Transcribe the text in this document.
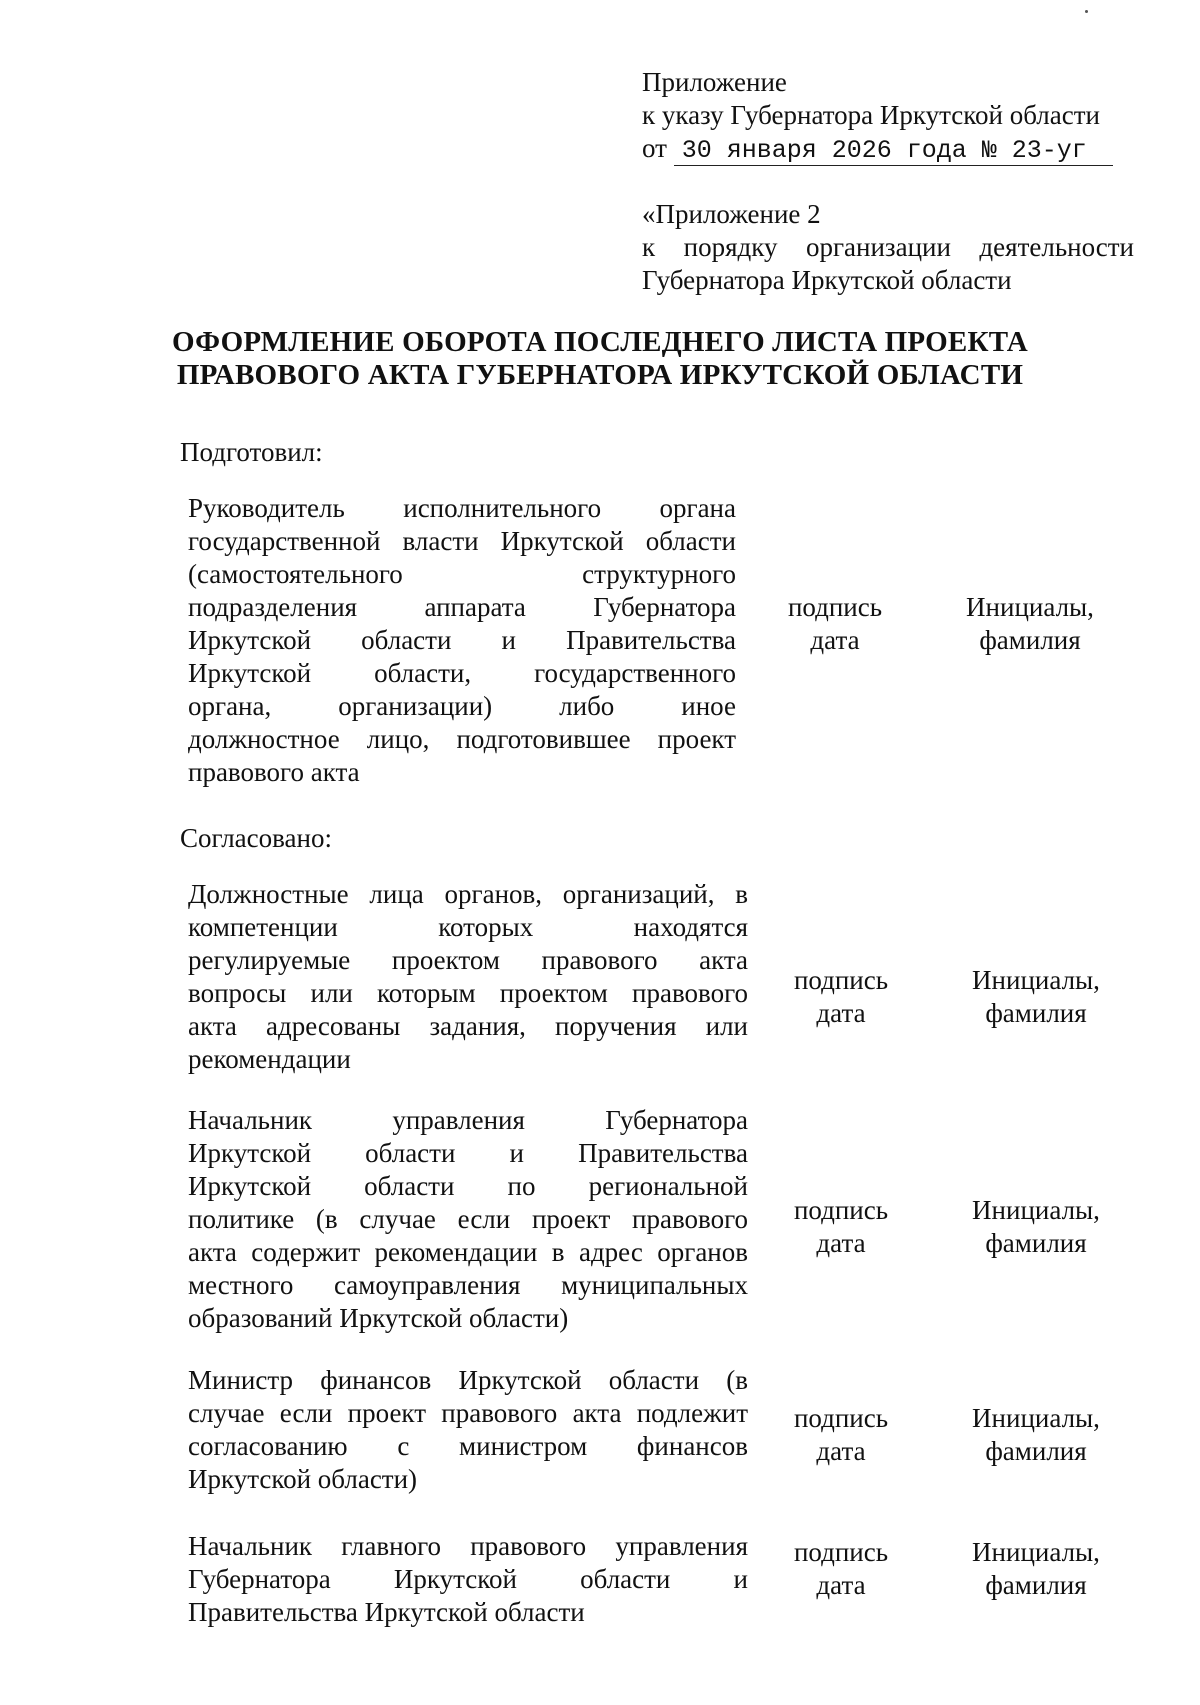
Приложение
к указу Губернатора Иркутской области
от 30 января 2026 года № 23-уг
«Приложение 2
к порядку организации деятельности
Губернатора Иркутской области
ОФОРМЛЕНИЕ ОБОРОТА ПОСЛЕДНЕГО ЛИСТА ПРОЕКТА
ПРАВОВОГО АКТА ГУБЕРНАТОРА ИРКУТСКОЙ ОБЛАСТИ
Подготовил:
Руководитель исполнительного органа
государственной власти Иркутской области
(самостоятельного структурного
подразделения аппарата Губернатора
Иркутской области и Правительства
Иркутской области, государственного
органа, организации) либо иное
должностное лицо, подготовившее проект
правового акта
подпись
дата
Инициалы,
фамилия
Согласовано:
Должностные лица органов, организаций, в
компетенции которых находятся
регулируемые проектом правового акта
вопросы или которым проектом правового
акта адресованы задания, поручения или
рекомендации
подпись
дата
Инициалы,
фамилия
Начальник управления Губернатора
Иркутской области и Правительства
Иркутской области по региональной
политике (в случае если проект правового
акта содержит рекомендации в адрес органов
местного самоуправления муниципальных
образований Иркутской области)
подпись
дата
Инициалы,
фамилия
Министр финансов Иркутской области (в
случае если проект правового акта подлежит
согласованию с министром финансов
Иркутской области)
подпись
дата
Инициалы,
фамилия
Начальник главного правового управления
Губернатора Иркутской области и
Правительства Иркутской области
подпись
дата
Инициалы,
фамилия
